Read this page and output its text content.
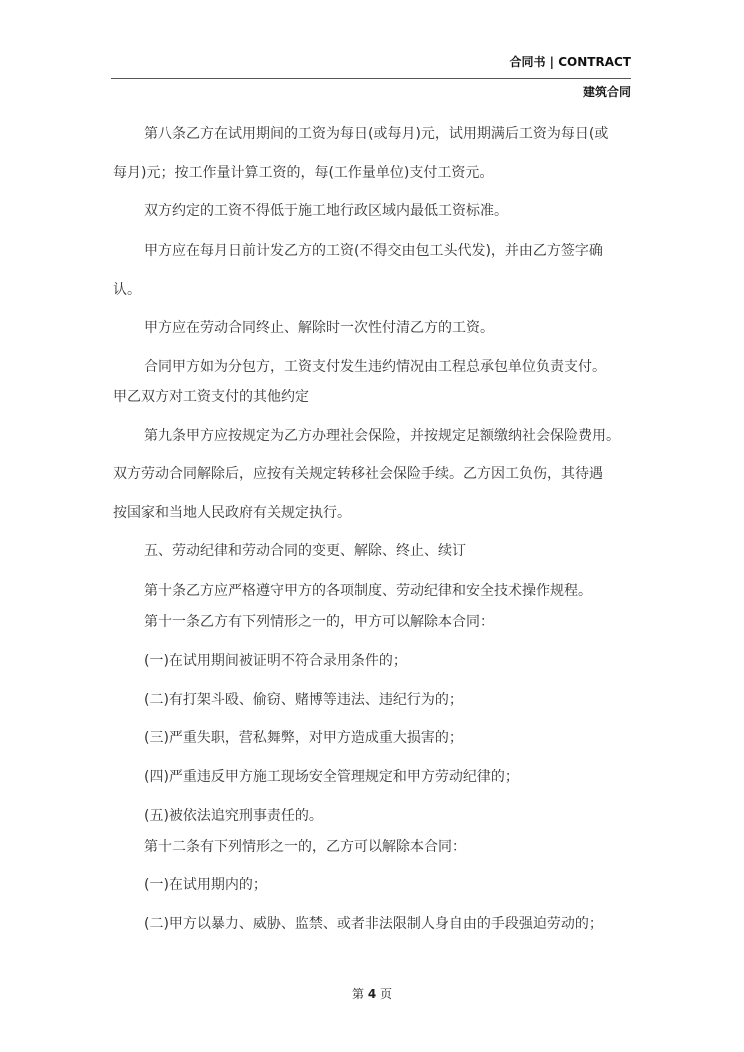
合同书 | CONTRACT
建筑合同
第八条乙方在试用期间的工资为每日(或每月)元，试用期满后工资为每日(或
每月)元；按工作量计算工资的，每(工作量单位)支付工资元。
双方约定的工资不得低于施工地行政区域内最低工资标准。
甲方应在每月日前计发乙方的工资(不得交由包工头代发)，并由乙方签字确
认。
甲方应在劳动合同终止、解除时一次性付清乙方的工资。
合同甲方如为分包方，工资支付发生违约情况由工程总承包单位负责支付。
甲乙双方对工资支付的其他约定
第九条甲方应按规定为乙方办理社会保险，并按规定足额缴纳社会保险费用。
双方劳动合同解除后，应按有关规定转移社会保险手续。乙方因工负伤，其待遇
按国家和当地人民政府有关规定执行。
五、劳动纪律和劳动合同的变更、解除、终止、续订
第十条乙方应严格遵守甲方的各项制度、劳动纪律和安全技术操作规程。
第十一条乙方有下列情形之一的，甲方可以解除本合同：
(一)在试用期间被证明不符合录用条件的；
(二)有打架斗殴、偷窃、赌博等违法、违纪行为的；
(三)严重失职，营私舞弊，对甲方造成重大损害的；
(四)严重违反甲方施工现场安全管理规定和甲方劳动纪律的；
(五)被依法追究刑事责任的。
第十二条有下列情形之一的，乙方可以解除本合同：
(一)在试用期内的；
(二)甲方以暴力、威胁、监禁、或者非法限制人身自由的手段强迫劳动的；
第 4 页
